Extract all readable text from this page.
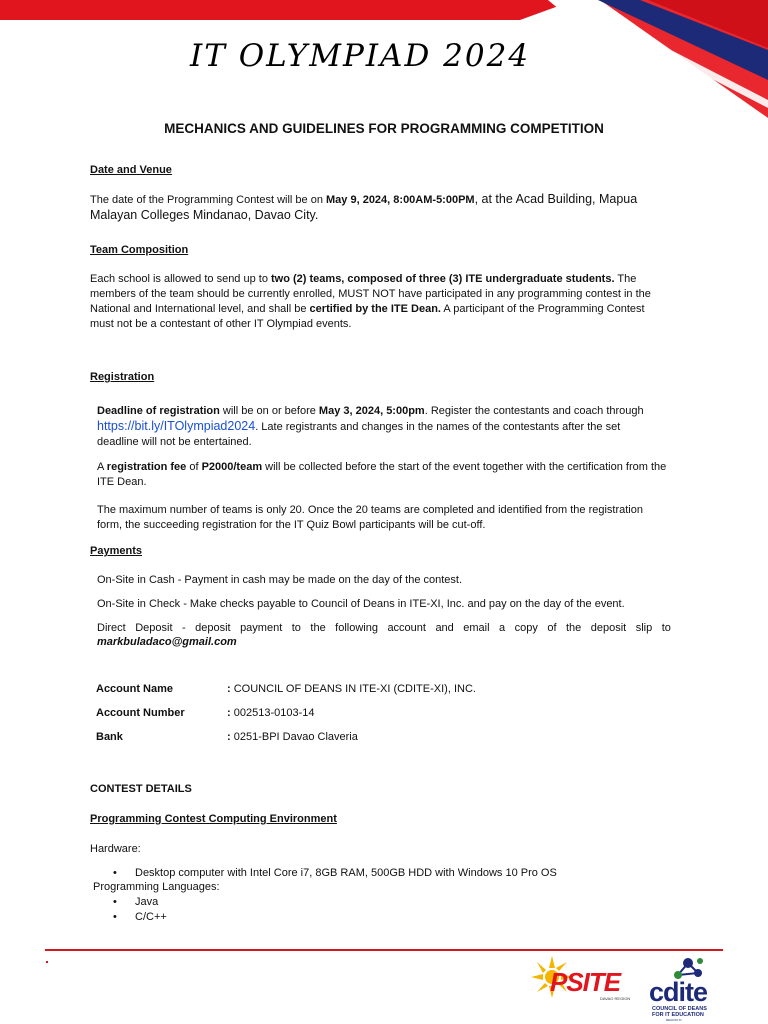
IT OLYMPIAD 2024
MECHANICS AND GUIDELINES FOR PROGRAMMING COMPETITION
Date and Venue
The date of the Programming Contest will be on May 9, 2024, 8:00AM-5:00PM, at the Acad Building, Mapua
Malayan Colleges Mindanao, Davao City.
Team Composition
Each school is allowed to send up to two (2) teams, composed of three (3) ITE undergraduate students. The
members of the team should be currently enrolled, MUST NOT have participated in any programming contest in the
National and International level, and shall be certified by the ITE Dean. A participant of the Programming Contest
must not be a contestant of other IT Olympiad events.
Registration
Deadline of registration will be on or before May 3, 2024, 5:00pm. Register the contestants and coach through
https://bit.ly/ITOlympiad2024. Late registrants and changes in the names of the contestants after the set
deadline will not be entertained.
A registration fee of P2000/team will be collected before the start of the event together with the certification from the
ITE Dean.
The maximum number of teams is only 20. Once the 20 teams are completed and identified from the registration
form, the succeeding registration for the IT Quiz Bowl participants will be cut-off.
Payments
On-Site in Cash - Payment in cash may be made on the day of the contest.
On-Site in Check - Make checks payable to Council of Deans in ITE-XI, Inc. and pay on the day of the event.
Direct Deposit - deposit payment to the following account and email a copy of the deposit slip to
markbuladaco@gmail.com
Account Name	: COUNCIL OF DEANS IN ITE-XI (CDITE-XI), INC.
Account Number	: 002513-0103-14
Bank	: 0251-BPI Davao Claveria
CONTEST DETAILS
Programming Contest Computing Environment
Hardware:
• Desktop computer with Intel Core i7, 8GB RAM, 500GB HDD with Windows 10 Pro OS
Programming Languages:
• Java
• C/C++
PSITE
DAVAO REGION cdite
COUNCIL OF DEANS
FOR IT EDUCATION
REGION XI
